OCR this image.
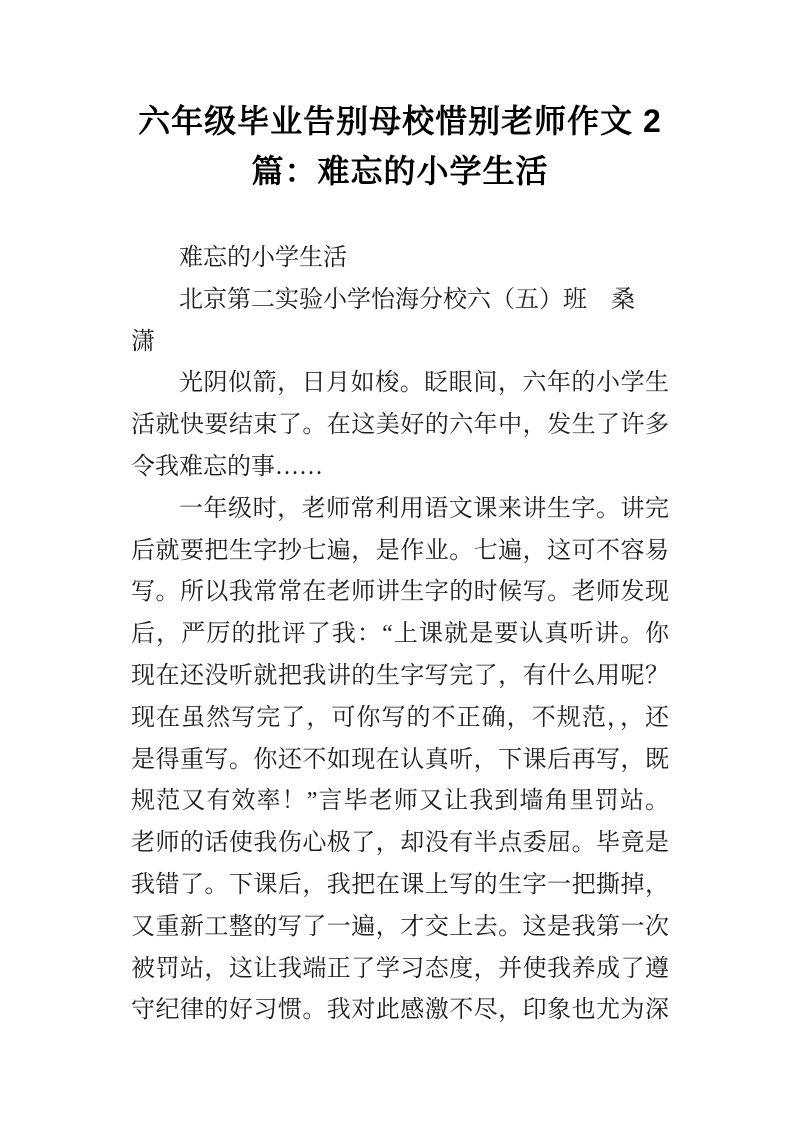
六年级毕业告别母校惜别老师作文 2
篇：难忘的小学生活
难忘的小学生活
北京第二实验小学怡海分校六（五）班　桑
潇
光阴似箭，日月如梭。眨眼间，六年的小学生
活就快要结束了。在这美好的六年中，发生了许多
令我难忘的事……
一年级时，老师常利用语文课来讲生字。讲完
后就要把生字抄七遍，是作业。七遍，这可不容易
写。所以我常常在老师讲生字的时候写。老师发现
后，严厉的批评了我：“上课就是要认真听讲。你
现在还没听就把我讲的生字写完了，有什么用呢？
现在虽然写完了，可你写的不正确，不规范，，还
是得重写。你还不如现在认真听，下课后再写，既
规范又有效率！”言毕老师又让我到墙角里罚站。
老师的话使我伤心极了，却没有半点委屈。毕竟是
我错了。下课后，我把在课上写的生字一把撕掉，
又重新工整的写了一遍，才交上去。这是我第一次
被罚站，这让我端正了学习态度，并使我养成了遵
守纪律的好习惯。我对此感激不尽，印象也尤为深
